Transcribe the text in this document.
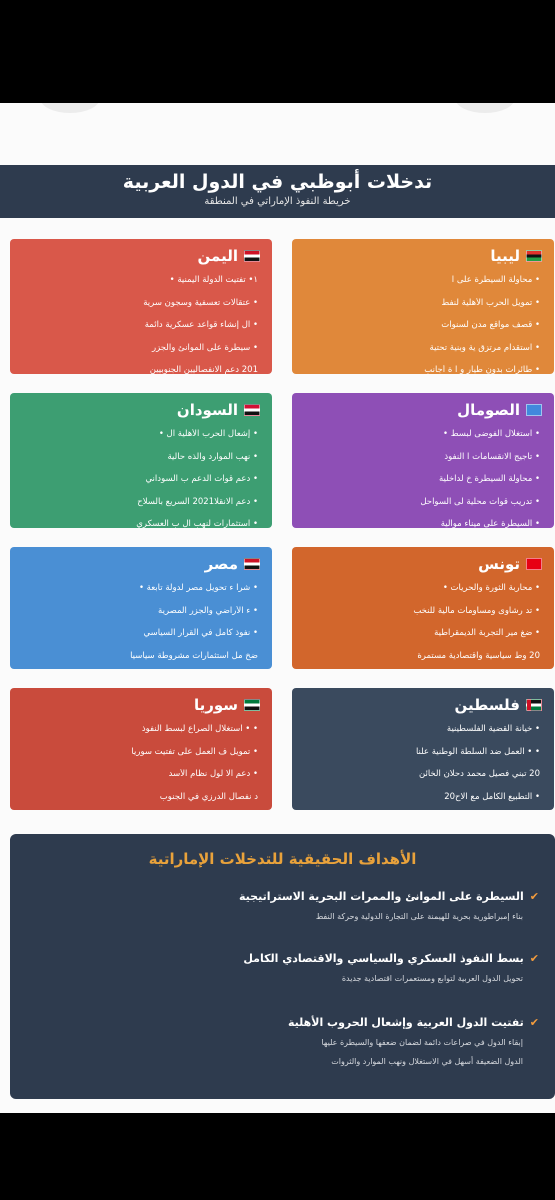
تدخلات أبوظبي في الدول العربية
خريطة النفوذ الإماراتي في المنطقة
ليبيا
• محاولة السيطرة على ا
• تمويل الحرب الأهلية لنفط
• قصف مواقع مدن لسنوات
• استقدام مرتزق ية وبنية تحتية
• طائرات بدون طيار و ا ة أجانب
اليمن
١• تفتيت الدولة اليمنية •
• عتقالات تعسفية وسجون سرية
• ال إنشاء قواعد عسكرية دائمة
• سيطرة على الموانئ والجزر
201 دعم الانفصاليين الجنوبيين
الصومال
• استغلال الفوضى لبسط •
• تأجيج الانقسامات ا النفوذ
• محاولة السيطرة خ لداخلية
• تدريب قوات محلية لى السواحل
• السيطرة على ميناء موالية
السودان
• إشعال الحرب الأهلية ال •
• نهب الموارد والذه حالية
• دعم قوات الدعم ب السوداني
• دعم الانقلا2021 السريع بالسلاح
• استثمارات لنهب ال ب العسكري
تونس
• محاربة الثورة والحريات •
• تد رشاوى ومساومات مالية للنخب
• ضغ مير التجربة الديمقراطية
20 وط سياسية واقتصادية مستمرة
مصر
• شرا ء تحويل مصر لدولة تابعة •
• ء الأراضي والجزر المصرية
• نفوذ كامل في القرار السياسي
ضخ مل استثمارات مشروطة سياسياً
فلسطين
• خيانة القضية الفلسطينية
• • العمل ضد السلطة الوطنية علناً
20 تبني فصيل محمد دحلان الخائن
• التطبيع الكامل مع الاح20
سوريا
• • استغلال الصراع لبسط النفوذ
• تمويل ف العمل على تفتيت سوريا
• دعم الا لول نظام الأسد
د نفصال الدرزي في الجنوب
الأهداف الحقيقية للتدخلات الإماراتية
✔
السيطرة على الموانئ والممرات البحرية الاستراتيجية
بناء إمبراطورية بحرية للهيمنة على التجارة الدولية وحركة النفط
✔
بسط النفوذ العسكري والسياسي والاقتصادي الكامل
تحويل الدول العربية لتوابع ومستعمرات اقتصادية جديدة
✔
تفتيت الدول العربية وإشعال الحروب الأهلية
إبقاء الدول في صراعات دائمة لضمان ضعفها والسيطرة عليها
الدول الضعيفة أسهل في الاستغلال ونهب الموارد والثروات
